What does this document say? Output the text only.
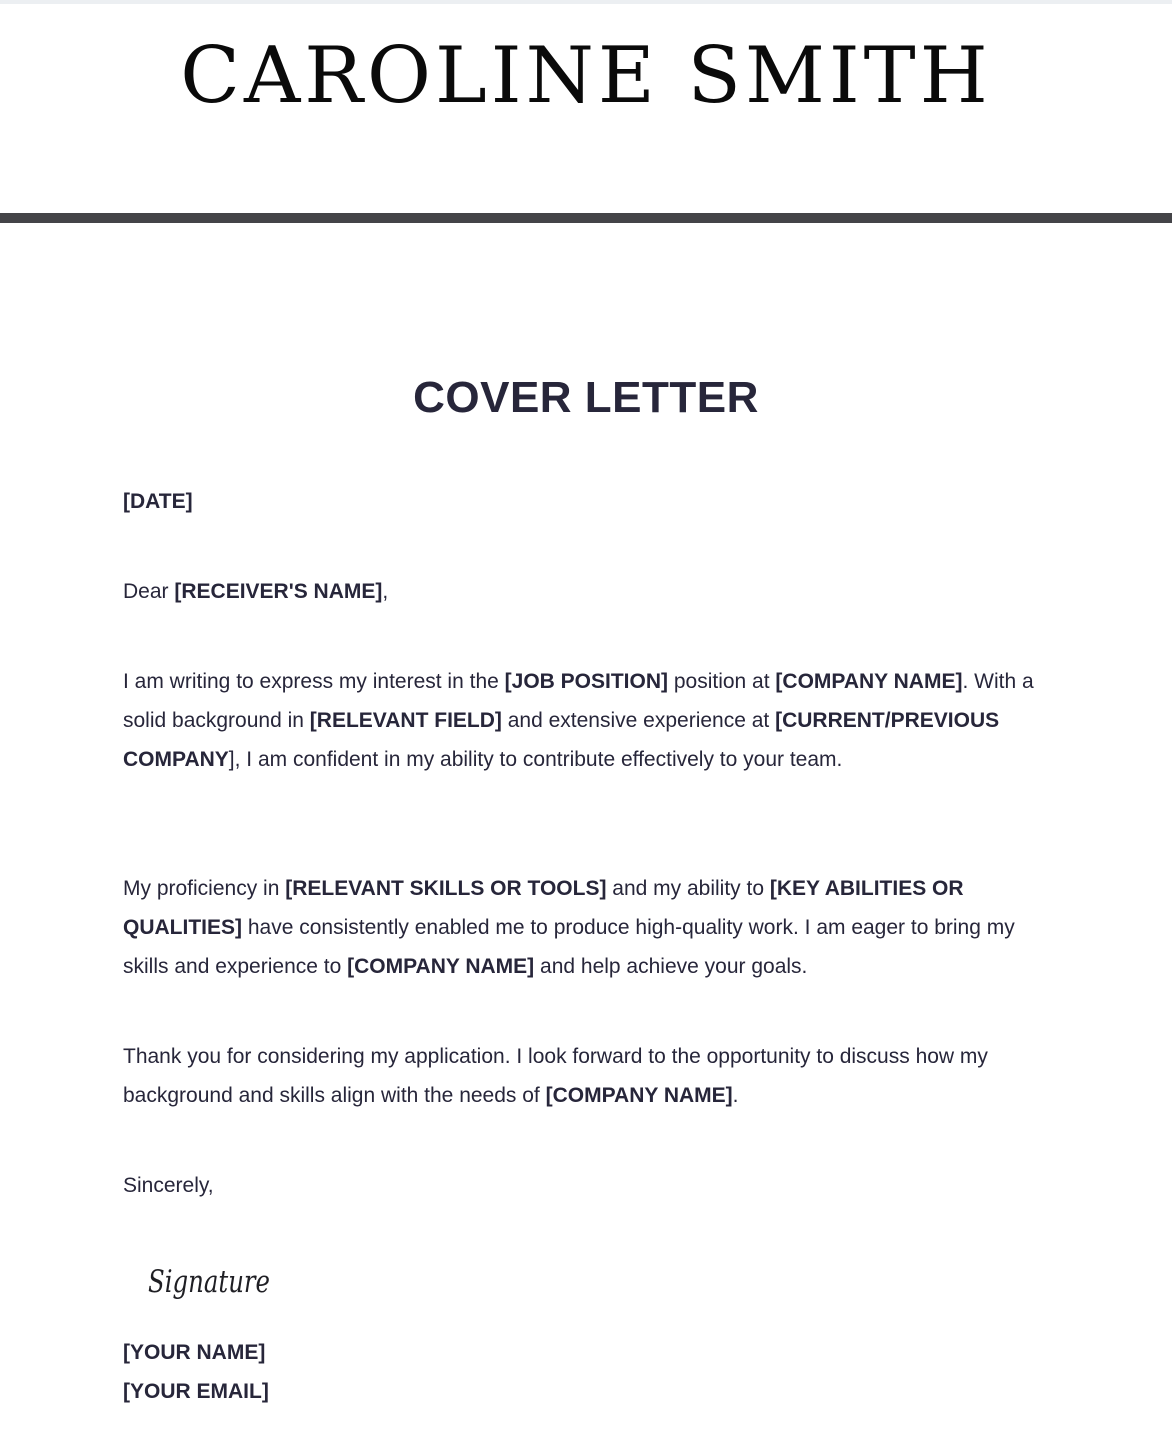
CAROLINE SMITH
COVER LETTER
[DATE]
Dear [RECEIVER'S NAME],
I am writing to express my interest in the [JOB POSITION] position at [COMPANY NAME]. With a solid background in [RELEVANT FIELD] and extensive experience at [CURRENT/PREVIOUS COMPANY], I am confident in my ability to contribute effectively to your team.
My proficiency in [RELEVANT SKILLS OR TOOLS] and my ability to [KEY ABILITIES OR QUALITIES] have consistently enabled me to produce high-quality work. I am eager to bring my skills and experience to [COMPANY NAME] and help achieve your goals.
Thank you for considering my application. I look forward to the opportunity to discuss how my background and skills align with the needs of [COMPANY NAME].
Sincerely,
Signature
[YOUR NAME]
[YOUR EMAIL]
